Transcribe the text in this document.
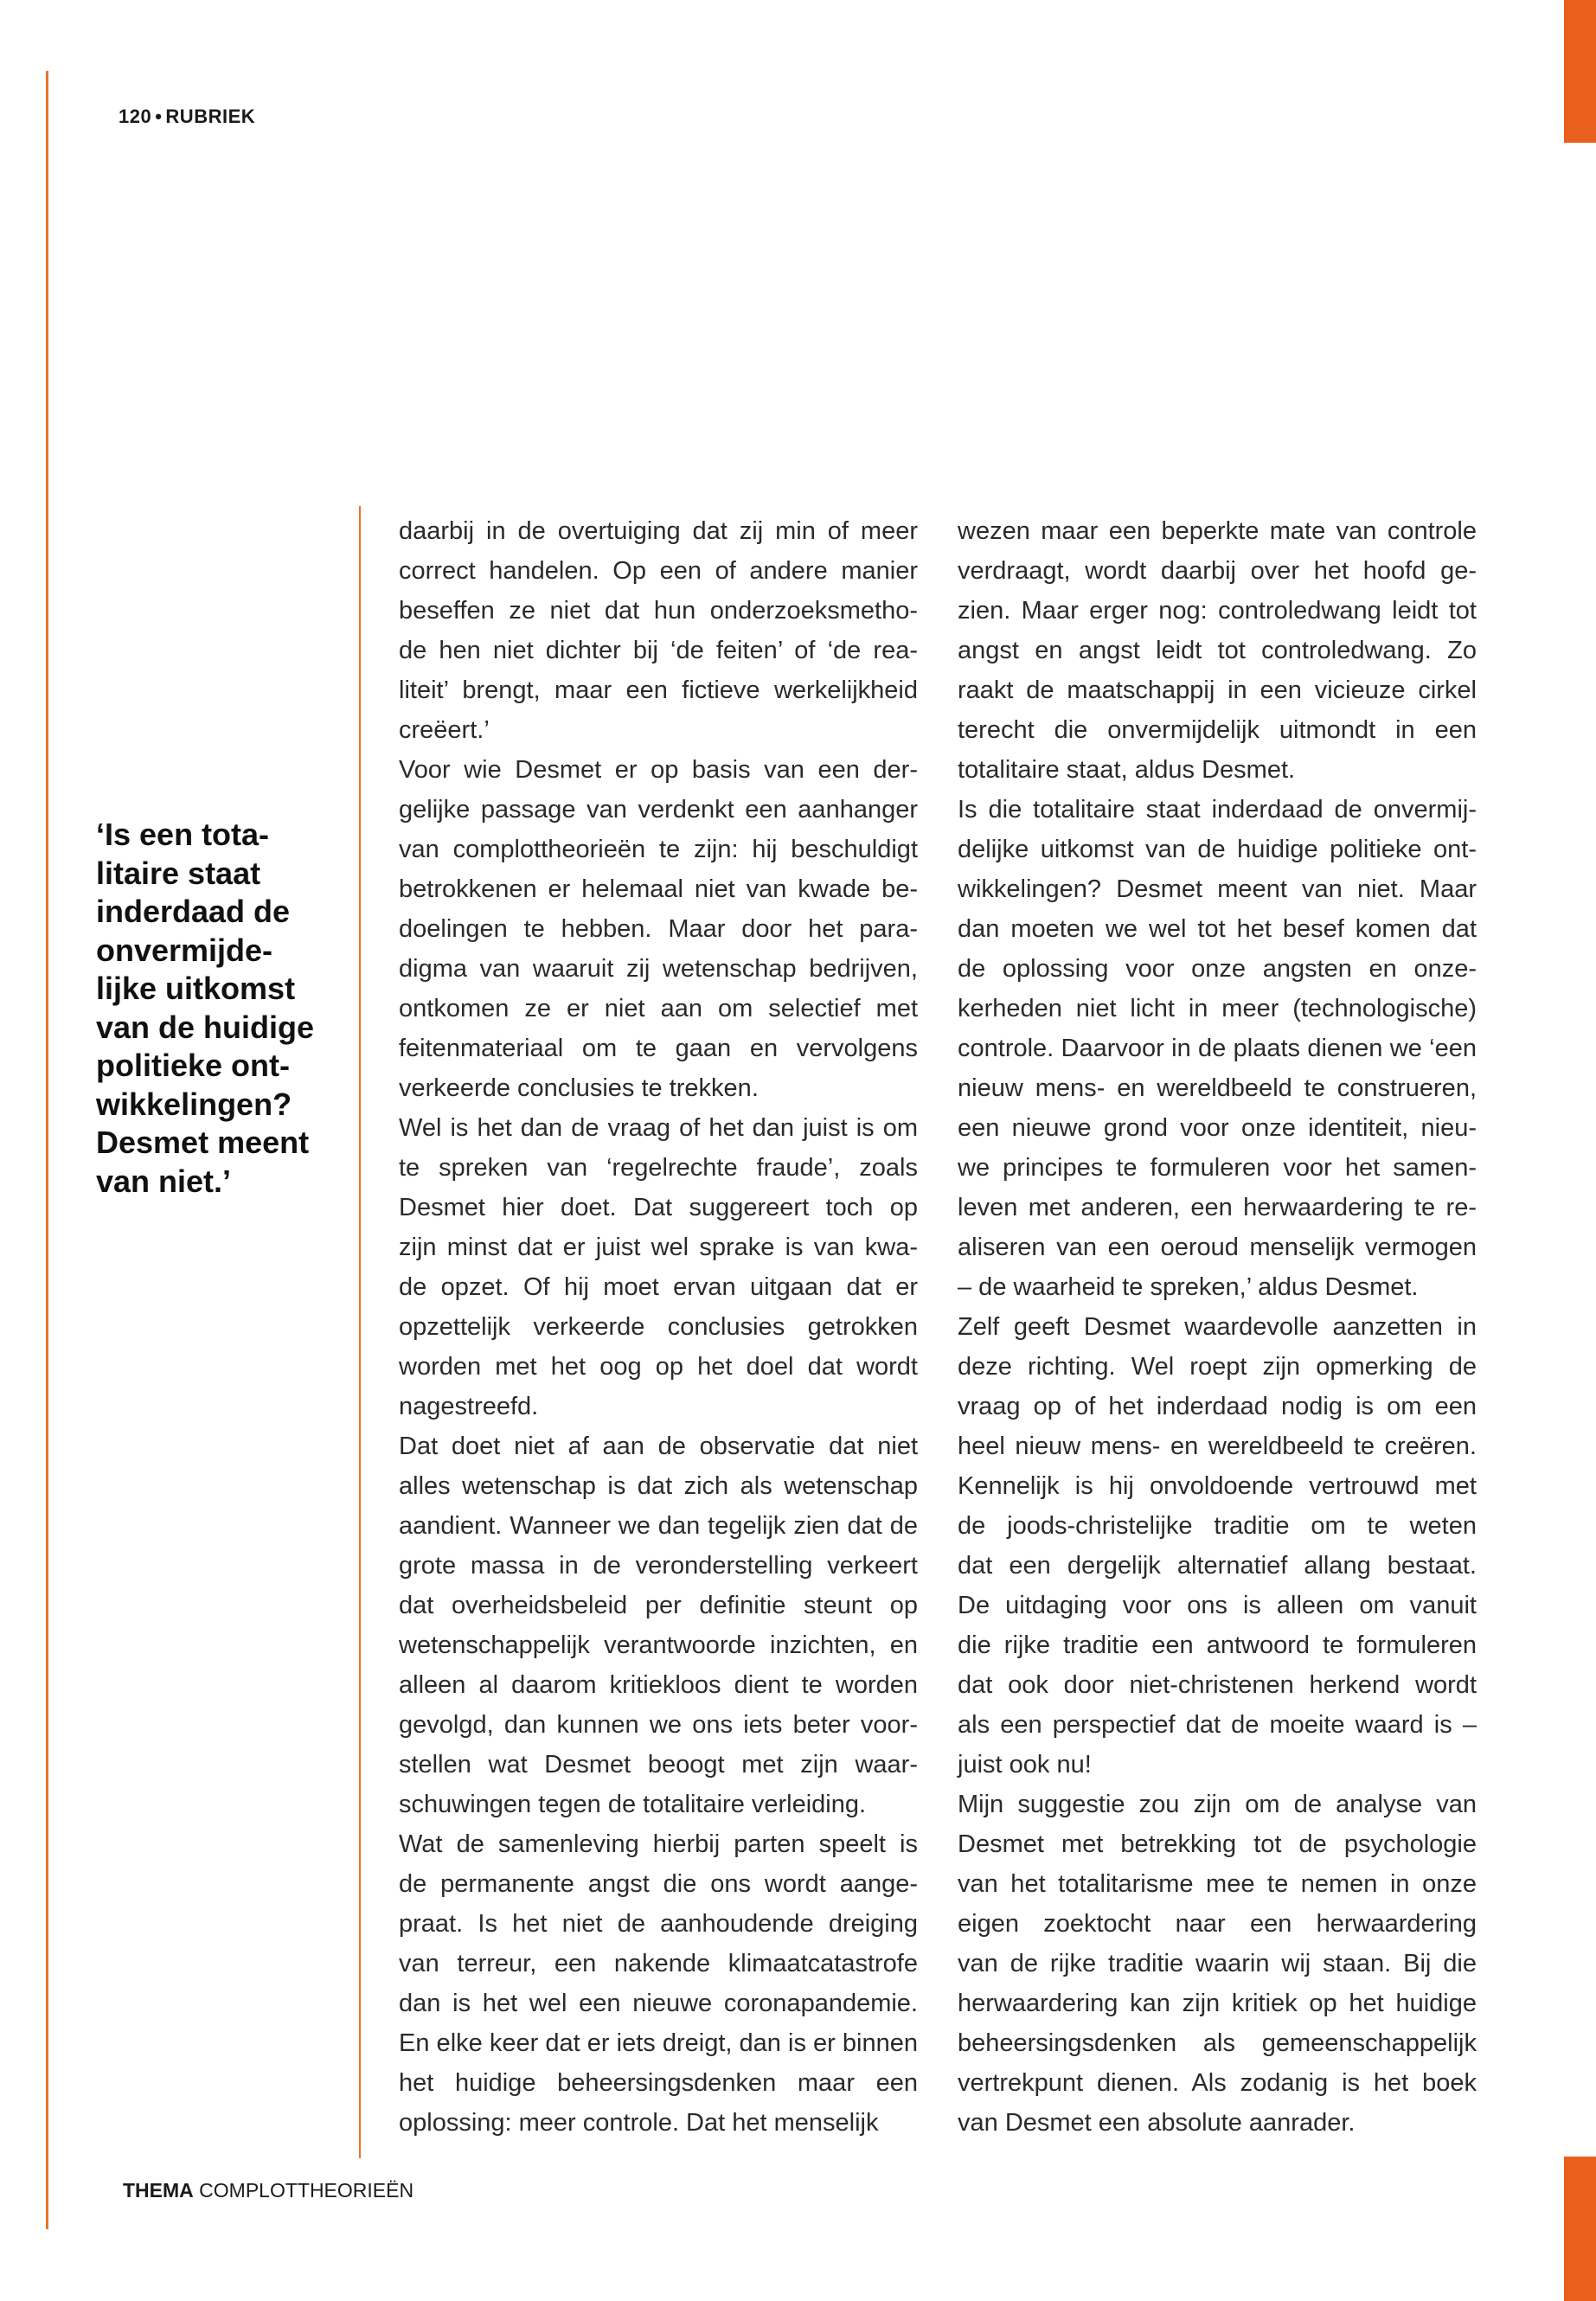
120 • RUBRIEK
‘Is een tota-
litaire staat
inderdaad de
onvermijde-
lijke uitkomst
van de huidige
politieke ont-
wikkelingen?
Desmet meent
van niet.’
daarbij in de overtuiging dat zij min of meer
correct handelen. Op een of andere manier
beseffen ze niet dat hun onderzoeksmetho-
de hen niet dichter bij ‘de feiten’ of ‘de rea-
liteit’ brengt, maar een fictieve werkelijkheid
creëert.’
Voor wie Desmet er op basis van een der-
gelijke passage van verdenkt een aanhanger
van complottheorieën te zijn: hij beschuldigt
betrokkenen er helemaal niet van kwade be-
doelingen te hebben. Maar door het para-
digma van waaruit zij wetenschap bedrijven,
ontkomen ze er niet aan om selectief met
feitenmateriaal om te gaan en vervolgens
verkeerde conclusies te trekken.
Wel is het dan de vraag of het dan juist is om
te spreken van ‘regelrechte fraude’, zoals
Desmet hier doet. Dat suggereert toch op
zijn minst dat er juist wel sprake is van kwa-
de opzet. Of hij moet ervan uitgaan dat er
opzettelijk verkeerde conclusies getrokken
worden met het oog op het doel dat wordt
nagestreefd.
Dat doet niet af aan de observatie dat niet
alles wetenschap is dat zich als wetenschap
aandient. Wanneer we dan tegelijk zien dat de
grote massa in de veronderstelling verkeert
dat overheidsbeleid per definitie steunt op
wetenschappelijk verantwoorde inzichten, en
alleen al daarom kritiekloos dient te worden
gevolgd, dan kunnen we ons iets beter voor-
stellen wat Desmet beoogt met zijn waar-
schuwingen tegen de totalitaire verleiding.
Wat de samenleving hierbij parten speelt is
de permanente angst die ons wordt aange-
praat. Is het niet de aanhoudende dreiging
van terreur, een nakende klimaatcatastrofe
dan is het wel een nieuwe coronapandemie.
En elke keer dat er iets dreigt, dan is er binnen
het huidige beheersingsdenken maar een
oplossing: meer controle. Dat het menselijk
wezen maar een beperkte mate van controle
verdraagt, wordt daarbij over het hoofd ge-
zien. Maar erger nog: controledwang leidt tot
angst en angst leidt tot controledwang. Zo
raakt de maatschappij in een vicieuze cirkel
terecht die onvermijdelijk uitmondt in een
totalitaire staat, aldus Desmet.
Is die totalitaire staat inderdaad de onvermij-
delijke uitkomst van de huidige politieke ont-
wikkelingen? Desmet meent van niet. Maar
dan moeten we wel tot het besef komen dat
de oplossing voor onze angsten en onze-
kerheden niet licht in meer (technologische)
controle. Daarvoor in de plaats dienen we ‘een
nieuw mens- en wereldbeeld te construeren,
een nieuwe grond voor onze identiteit, nieu-
we principes te formuleren voor het samen-
leven met anderen, een herwaardering te re-
aliseren van een oeroud menselijk vermogen
– de waarheid te spreken,’ aldus Desmet.
Zelf geeft Desmet waardevolle aanzetten in
deze richting. Wel roept zijn opmerking de
vraag op of het inderdaad nodig is om een
heel nieuw mens- en wereldbeeld te creëren.
Kennelijk is hij onvoldoende vertrouwd met
de joods-christelijke traditie om te weten
dat een dergelijk alternatief allang bestaat.
De uitdaging voor ons is alleen om vanuit
die rijke traditie een antwoord te formuleren
dat ook door niet-christenen herkend wordt
als een perspectief dat de moeite waard is –
juist ook nu!
Mijn suggestie zou zijn om de analyse van
Desmet met betrekking tot de psychologie
van het totalitarisme mee te nemen in onze
eigen zoektocht naar een herwaardering
van de rijke traditie waarin wij staan. Bij die
herwaardering kan zijn kritiek op het huidige
beheersingsdenken als gemeenschappelijk
vertrekpunt dienen. Als zodanig is het boek
van Desmet een absolute aanrader.
THEMA COMPLOTTHEORIEËN
